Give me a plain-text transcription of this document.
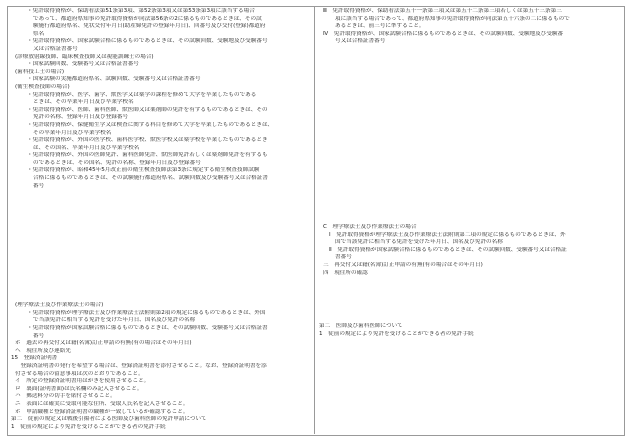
・免許取得資格が、保助看法第51条第3項、第52条第3項又は第53条第3項に該当する場合
であって、都道府県知事の免許取得資格が同法第56条の2に係るものであるときは、その試
験施行都道府県名、免状交付年月日(助産婦免許の登録年月日)、回番号及び交付(登録)都道府
県名
・免許取得資格が、国家試験合格に係るものであるときは、その試験回数、受験地及び受験番号
又は合格証書番号
(診療放射線技師、臨床検査技師又は視能訓練士の場合)
・国家試験回数、受験番号又は合格証書番号
(歯科技工士の場合)
・国家試験の実施都道府県名、試験回数、受験番号又は合格証書番号
(衛生検査技師の場合)
・免許取得資格が、医学、歯学、獣医学又は薬学の課程を修めて大学を卒業したものである
ときは、その卒業年月日及び卒業学校名
・免許取得資格が、医師、歯科医師、獣医師又は薬剤師の免許を有するものであるときは、その
免許の名称、登録年月日及び登録番号
・免許取得資格が、保健衛生学又は検査に関する科目を修めて大学を卒業したものであるときは、
その卒業年月日及び卒業学校名
・免許取得資格が、外国の医学校、歯科医学校、獣医学校又は薬学校を卒業したものであるとき
は、その国名、卒業年月日及び卒業学校名
・免許取得資格が、外国の医師免許、歯科医師免許、獣医師免許若しくは薬剤師免許を有するも
のであるときは、その国名、免許の名称、登録年月日及び登録番号
・免許取得資格が、昭和45年5月改正前の衛生検査技師法第3条に規定する衛生検査技師試験
合格に係るものであるときは、その試験施行都道府県名、試験回数及び受験番号又は合格証書
番号
(理学療法士及び作業療法士の場合)
・免許取得資格が理学療法士及び作業療法士法附則第2項の規定に係るものであるときは、外国
で当該免許に相当する免許を受けた年月日、国名及び免許の名称
・免許取得資格が国家試験合格に係るものであるときは、その試験回数、受験番号又は合格証書
番号
ホ　過去の再交付又は籍(名簿)訂正申請の有無(有の場合はその年月日)
ヘ　現住所及び連絡先
15　登録済証明書
　登録済証明書の発行を希望する場合は、登録済証明書を添付させること。なお、登録済証明書を添
付させる場合の留意事項は次のとおりであること。
イ　所定の登録済証明書用はがきを使用させること。
ロ　裏面(証明書面)は氏名欄のみ記入させること。
ハ　郵送料分の切手を貼付させること。
ニ　表面には確実に受取可能な住所、受取人氏名を記入させること。
ホ　申請職種と登録済証明書の職種が一致しているか確認すること。
第二　従前の規定又は戦後引揚者による医師及び歯科医師の免許申請について
1　従前の規定により免許を受けることができる者の免許手続
Ⅲ　免許取得資格が、保助看法第五十一条第三項又は第五十二条第三項若しくは第五十三条第三
項に該当する場合であって、都道府県知事の免許取得資格が同法第五十六条の二に係るもので
あるときは、前三号に準ずること。
Ⅳ　免許取得資格が、国家試験合格に係るものであるときは、その試験回数、受験地及び受験番
号又は合格証書番号
C　理学療法士及び作業療法士の場合
Ⅰ　免許取得資格が理学療法士及び作業療法士法附則第二項の規定に係るものであるときは、外
国で当該免許に相当する免許を受けた年月日、国名及び免許の名称
Ⅱ　免許取得資格が国家試験合格に係るものであるときは、その試験回数、受験番号又は合格証
書番号
三　再交付又は籍(名簿)訂正申請の有無(有の場合はその年月日)
四　現住所の確認
第二　医師及び歯科医師について
1　従前の規定により免許を受けることができる者の免許手続
